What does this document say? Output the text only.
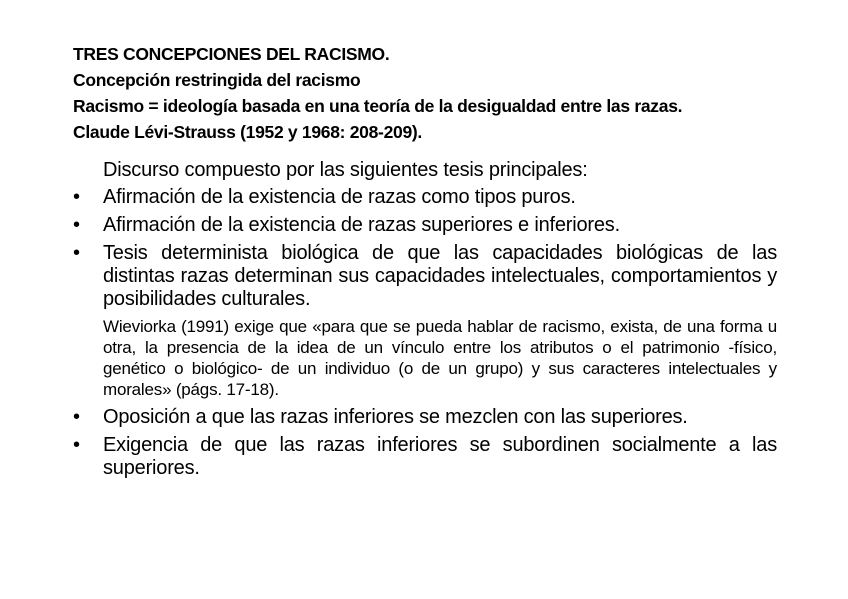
TRES CONCEPCIONES DEL RACISMO.
Concepción restringida del racismo
Racismo = ideología basada en una teoría de la desigualdad entre las razas.
Claude Lévi-Strauss (1952 y 1968: 208-209).

Discurso compuesto por las siguientes tesis principales:

•	Afirmación de la existencia de razas como tipos puros.
•	Afirmación de la existencia de razas superiores e inferiores.
•	Tesis determinista biológica de que las capacidades biológicas de las distintas razas determinan sus capacidades intelectuales, comportamientos y posibilidades culturales.
Wieviorka (1991) exige que «para que se pueda hablar de racismo, exista, de una forma u otra, la presencia de la idea de un vínculo entre los atributos o el patrimonio -físico, genético o biológico- de un individuo (o de un grupo) y sus caracteres intelectuales y morales» (págs. 17-18).
•	Oposición a que las razas inferiores se mezclen con las superiores.
•	Exigencia de que las razas inferiores se subordinen socialmente a las superiores.
